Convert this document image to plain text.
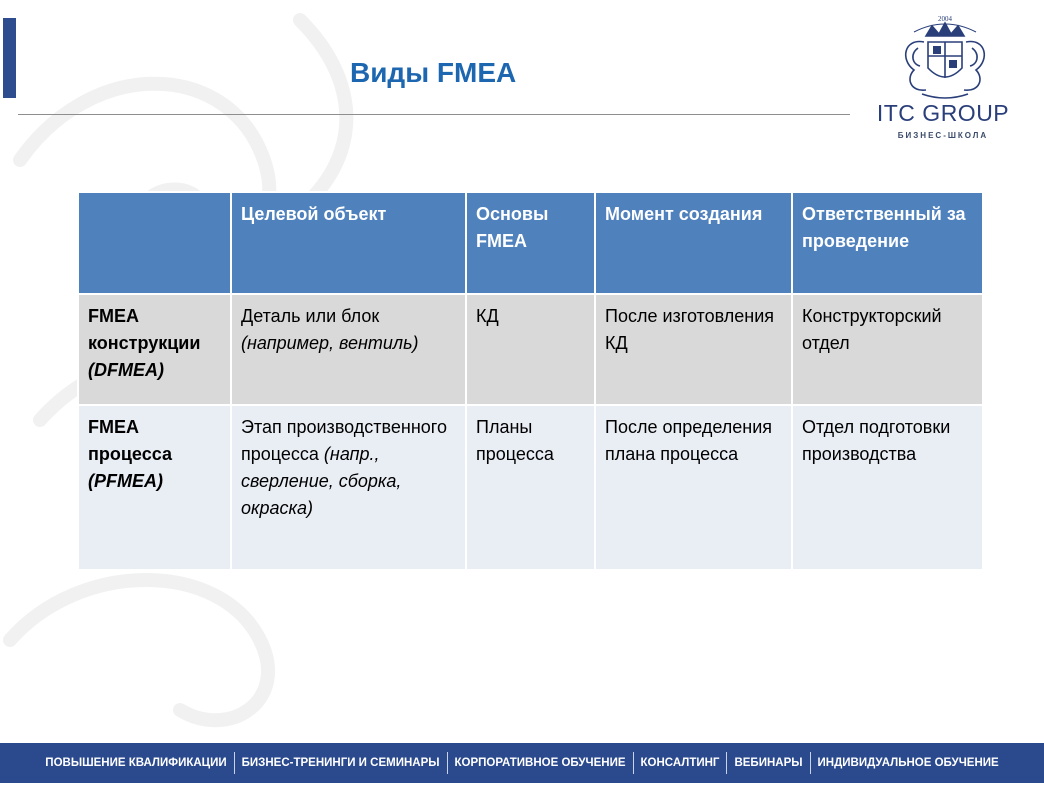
Виды FMEA
2004
ITC GROUP
БИЗНЕС-ШКОЛА
	Целевой объект	Основы FMEA	Момент создания	Ответственный за проведение

FMEA конструкции
(DFMEA)	Деталь или блок (например, вентиль)	КД	После изготовления КД	Конструкторский отдел

FMEA процесса
(PFMEA)	Этап производственного процесса (напр., сверление, сборка, окраска)	Планы процесса	После определения плана процесса	Отдел подготовки производства
ПОВЫШЕНИЕ КВАЛИФИКАЦИИ	БИЗНЕС-ТРЕНИНГИ И СЕМИНАРЫ	КОРПОРАТИВНОЕ ОБУЧЕНИЕ	КОНСАЛТИНГ	ВЕБИНАРЫ	ИНДИВИДУАЛЬНОЕ ОБУЧЕНИЕ
